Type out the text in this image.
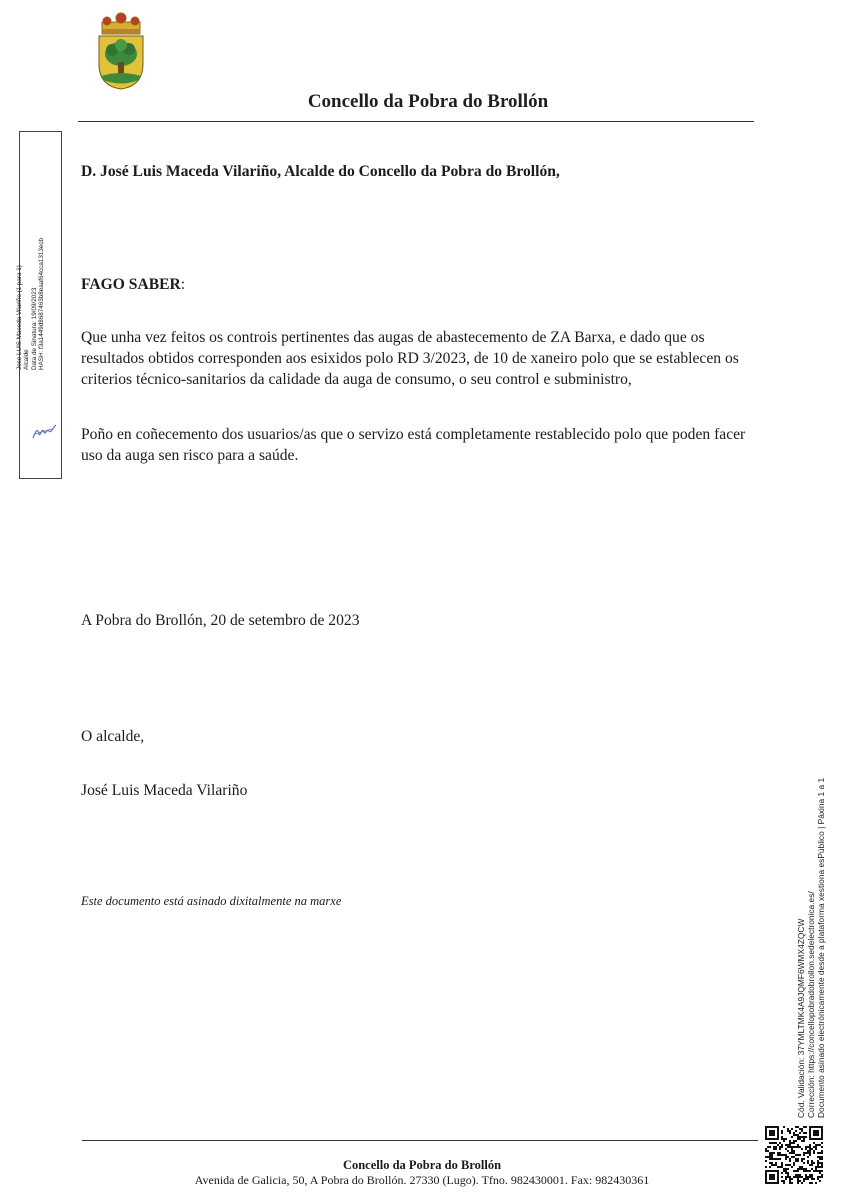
Concello da Pobra do Brollón
Jose LUIS Maceda Vilariño (1 para 1) Alcalde Data de Sinatura: 19/09/2023 HASH: f3a1449d8687463b8eaaf64cca1313ecb
D. José Luis Maceda Vilariño, Alcalde do Concello da Pobra do Brollón,
FAGO SABER:
Que unha vez feitos os controis pertinentes das augas de abastecemento de ZA Barxa, e dado que os resultados obtidos corresponden aos esixidos polo RD 3/2023, de 10 de xaneiro polo que se establecen os criterios técnico-sanitarios da calidade da auga de consumo, o seu control e subministro,
Poño en coñecemento dos usuarios/as que o servizo está completamente restablecido polo que poden facer uso da auga sen risco para a saúde.
A Pobra do Brollón, 20 de setembro de 2023
O alcalde,
José Luis Maceda Vilariño
Este documento está asinado dixitalmente na marxe
Cód. Validación: 37YMLTMK4A9JQMF6WMX4ZQCW Corrección: https://concellopobradobrollon.sedelectronica.es/ Documento asinado electrónicamente desde a plataforma xestiona esPúblico | Páxina 1 a 1
Concello da Pobra do Brollón
Avenida de Galicia, 50, A Pobra do Brollón. 27330 (Lugo). Tfno. 982430001. Fax: 982430361
